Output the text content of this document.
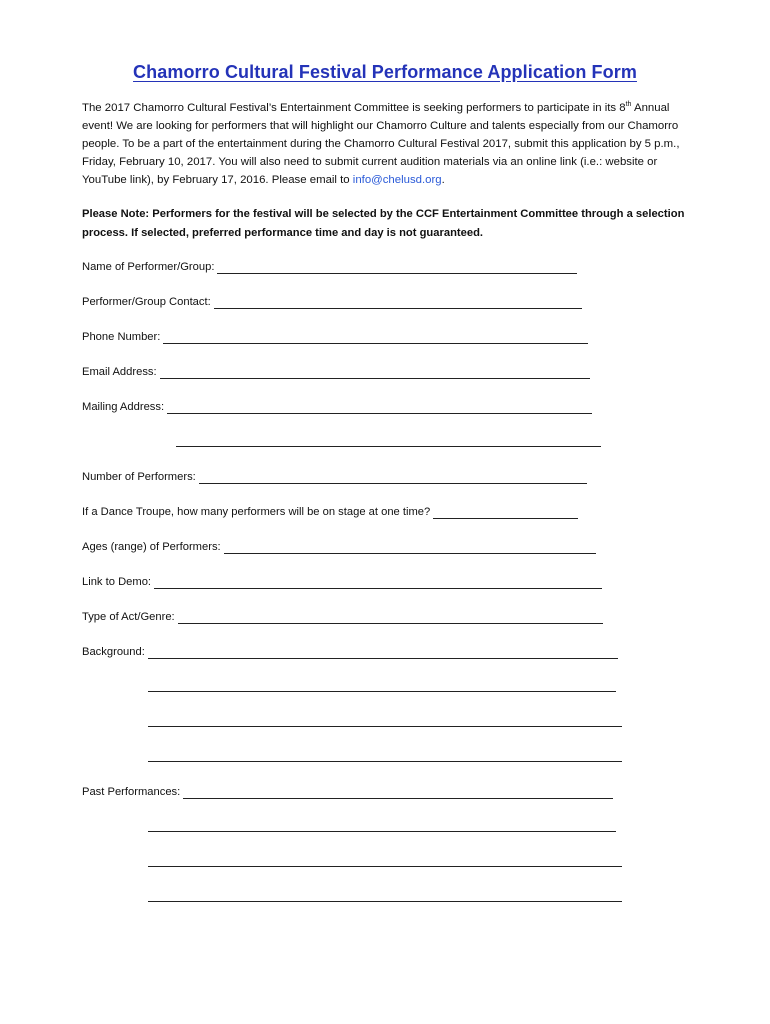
Chamorro Cultural Festival Performance Application Form

The 2017 Chamorro Cultural Festival’s Entertainment Committee is seeking performers to participate in its 8th Annual event! We are looking for performers that will highlight our Chamorro Culture and talents especially from our Chamorro people. To be a part of the entertainment during the Chamorro Cultural Festival 2017, submit this application by 5 p.m., Friday, February 10, 2017. You will also need to submit current audition materials via an online link (i.e.: website or YouTube link), by February 17, 2016. Please email to info@chelusd.org.

Please Note: Performers for the festival will be selected by the CCF Entertainment Committee through a selection process. If selected, preferred performance time and day is not guaranteed.

Name of Performer/Group:
Performer/Group Contact:
Phone Number:
Email Address:
Mailing Address:
Number of Performers:
If a Dance Troupe, how many performers will be on stage at one time?
Ages (range) of Performers:
Link to Demo:
Type of Act/Genre:
Background:
Past Performances:
